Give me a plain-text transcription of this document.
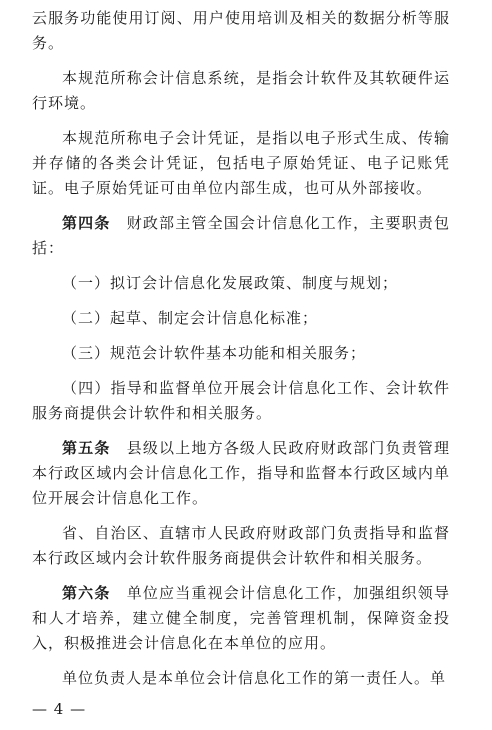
云服务功能使用订阅、用户使用培训及相关的数据分析等服务。

本规范所称会计信息系统，是指会计软件及其软硬件运行环境。

本规范所称电子会计凭证，是指以电子形式生成、传输并存储的各类会计凭证，包括电子原始凭证、电子记账凭证。电子原始凭证可由单位内部生成，也可从外部接收。

第四条　财政部主管全国会计信息化工作，主要职责包括：

（一）拟订会计信息化发展政策、制度与规划；

（二）起草、制定会计信息化标准；

（三）规范会计软件基本功能和相关服务；

（四）指导和监督单位开展会计信息化工作、会计软件服务商提供会计软件和相关服务。

第五条　县级以上地方各级人民政府财政部门负责管理本行政区域内会计信息化工作，指导和监督本行政区域内单位开展会计信息化工作。

省、自治区、直辖市人民政府财政部门负责指导和监督本行政区域内会计软件服务商提供会计软件和相关服务。

第六条　单位应当重视会计信息化工作，加强组织领导和人才培养，建立健全制度，完善管理机制，保障资金投入，积极推进会计信息化在本单位的应用。

单位负责人是本单位会计信息化工作的第一责任人。单

— 4 —
